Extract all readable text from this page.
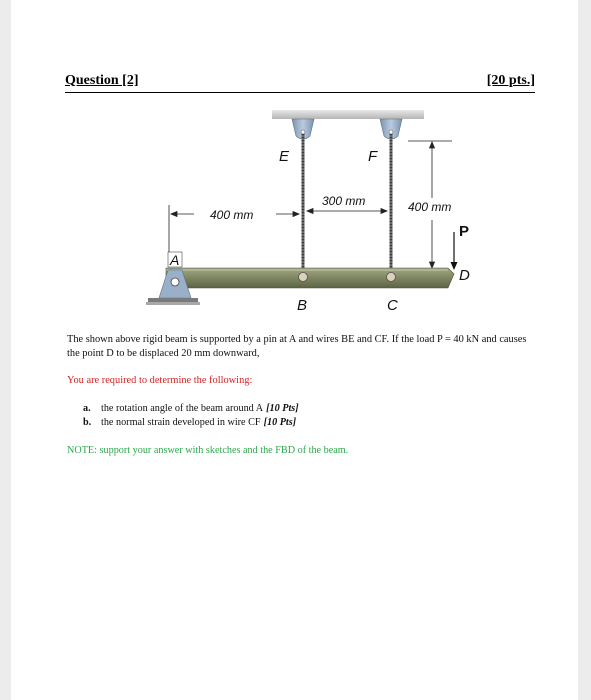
Question [2]	[20 pts.]
E	F
400 mm
300 mm	400 mm
P
A
B	C
D
The shown above rigid beam is supported by a pin at A and wires BE and CF. If the load P = 40 kN and causes the point D to be displaced 20 mm downward,
You are required to determine the following:
a.	the rotation angle of the beam around A [10 Pts]
b. the normal strain developed in wire CF [10 Pts]
NOTE: support your answer with sketches and the FBD of the beam.
